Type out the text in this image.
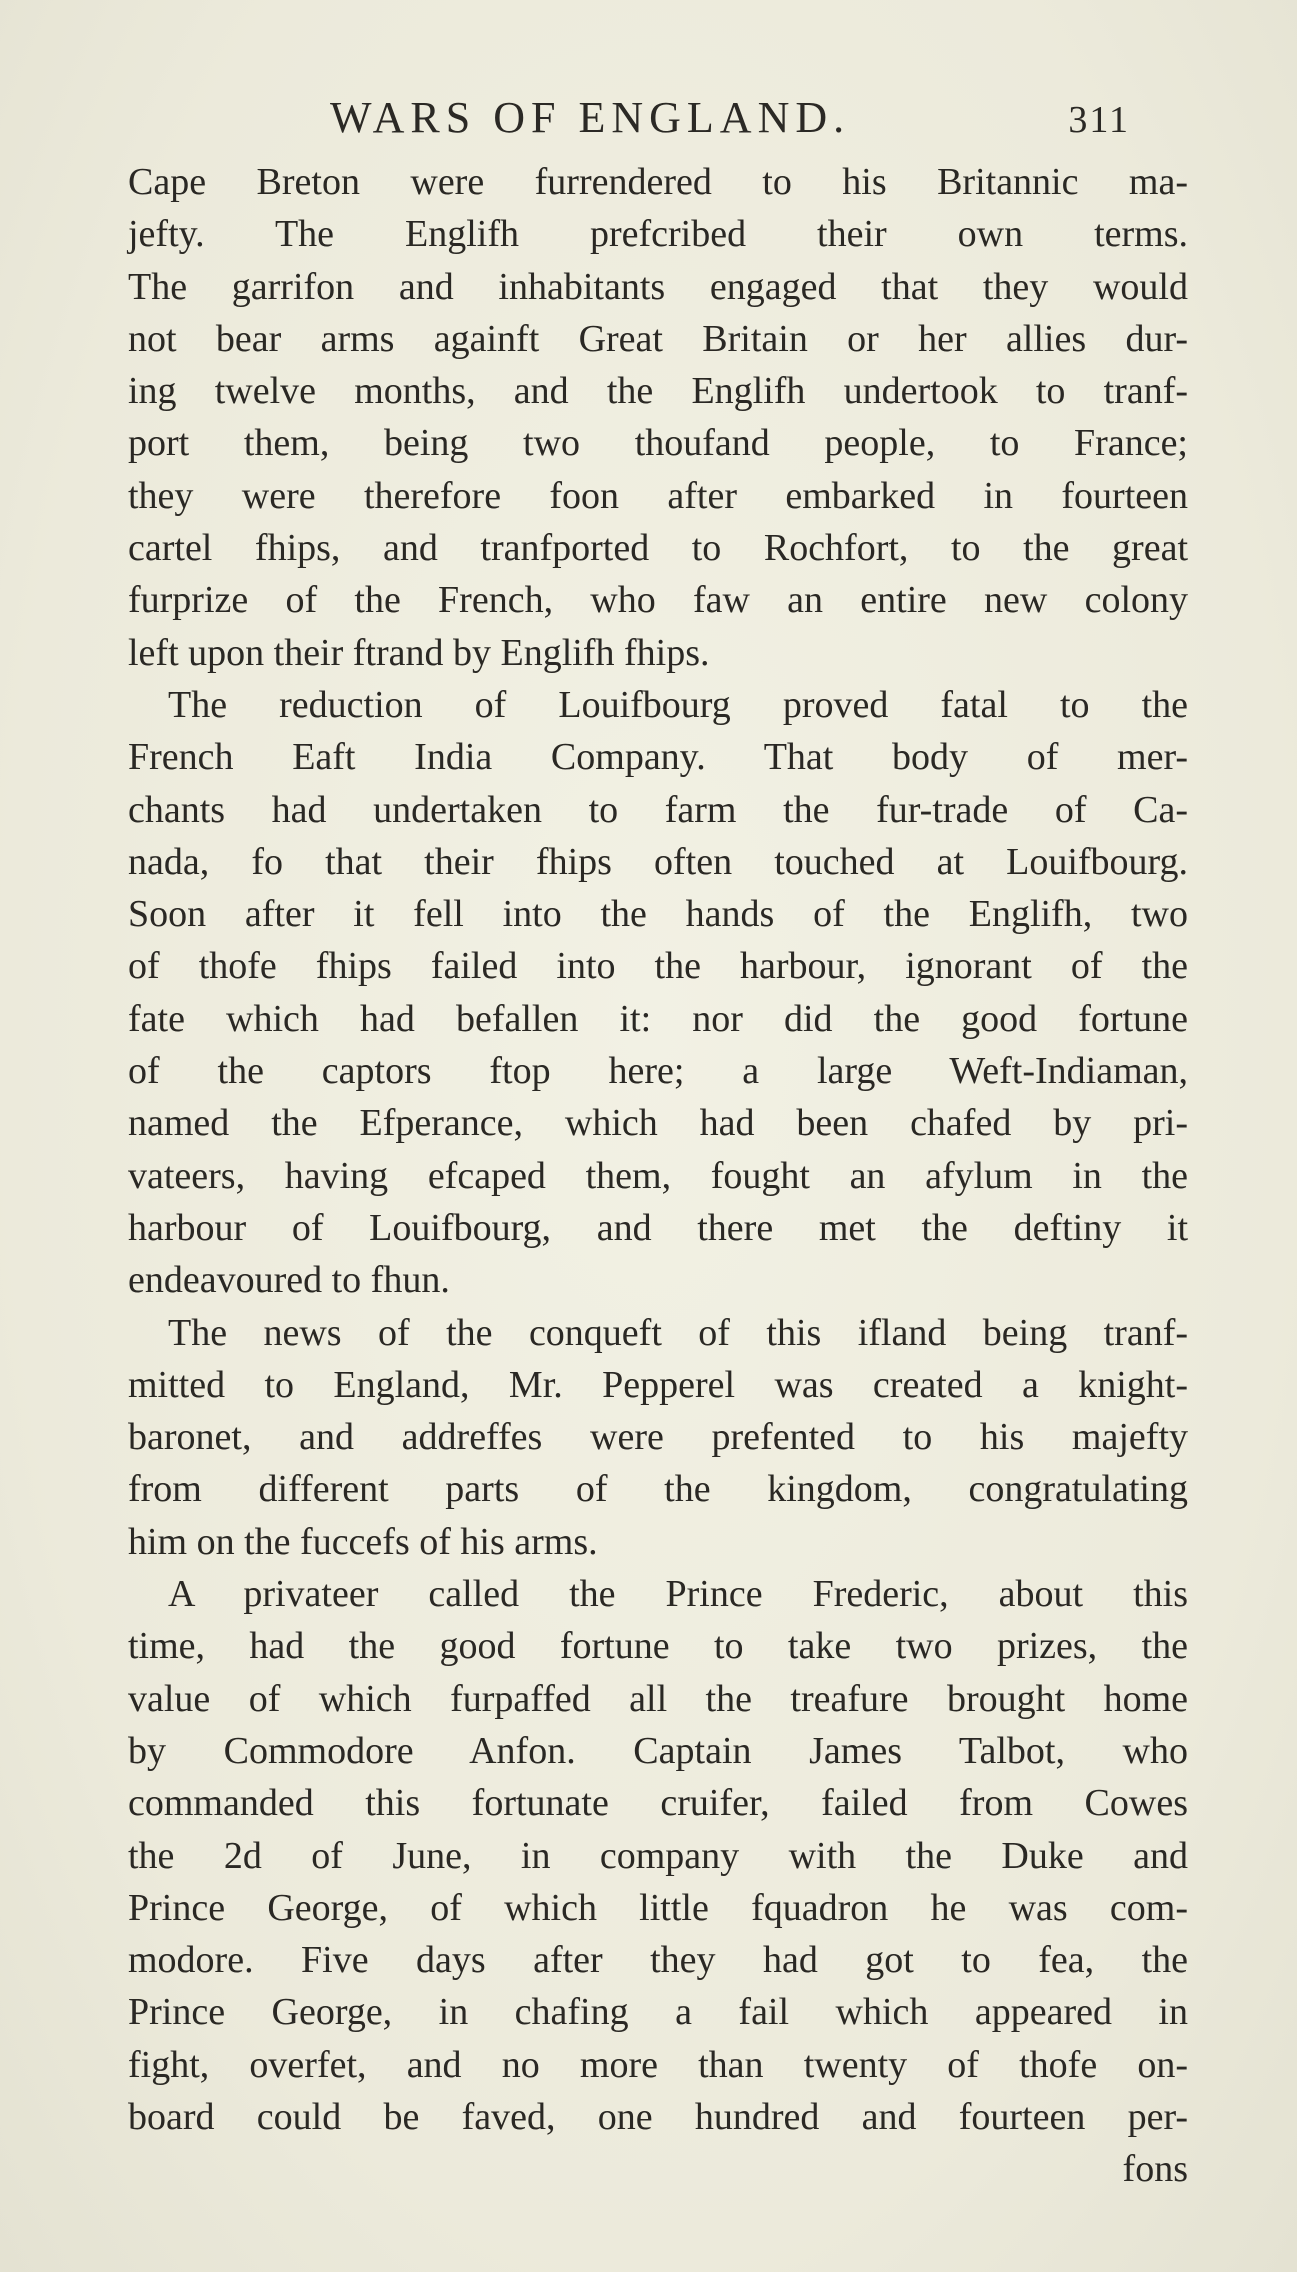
WARS OF ENGLAND.	311
Cape Breton were furrendered to his Britannic ma-
jefty. The Englifh prefcribed their own terms.
The garrifon and inhabitants engaged that they would
not bear arms againft Great Britain or her allies dur-
ing twelve months, and the Englifh undertook to tranf-
port them, being two thoufand people, to France;
they were therefore foon after embarked in fourteen
cartel fhips, and tranfported to Rochfort, to the great
furprize of the French, who faw an entire new colony
left upon their ftrand by Englifh fhips.
The reduction of Louifbourg proved fatal to the
French Eaft India Company. That body of mer-
chants had undertaken to farm the fur-trade of Ca-
nada, fo that their fhips often touched at Louifbourg.
Soon after it fell into the hands of the Englifh, two
of thofe fhips failed into the harbour, ignorant of the
fate which had befallen it: nor did the good fortune
of the captors ftop here; a large Weft-Indiaman,
named the Efperance, which had been chafed by pri-
vateers, having efcaped them, fought an afylum in the
harbour of Louifbourg, and there met the deftiny it
endeavoured to fhun.
The news of the conqueft of this ifland being tranf-
mitted to England, Mr. Pepperel was created a knight-
baronet, and addreffes were prefented to his majefty
from different parts of the kingdom, congratulating
him on the fuccefs of his arms.
A privateer called the Prince Frederic, about this
time, had the good fortune to take two prizes, the
value of which furpaffed all the treafure brought home
by Commodore Anfon. Captain James Talbot, who
commanded this fortunate cruifer, failed from Cowes
the 2d of June, in company with the Duke and
Prince George, of which little fquadron he was com-
modore. Five days after they had got to fea, the
Prince George, in chafing a fail which appeared in
fight, overfet, and no more than twenty of thofe on-
board could be faved, one hundred and fourteen per-
fons
